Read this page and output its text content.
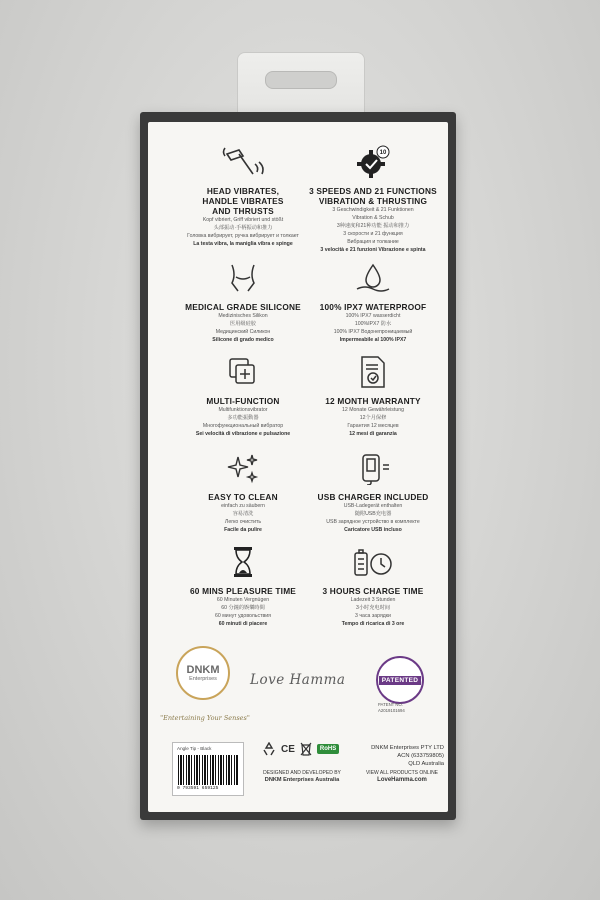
HEAD VIBRATES,
HANDLE VIBRATES
AND THRUSTS
Kopf vibriert, Griff vibriert und stößt
头部振动·手柄振动和推力
Головка вибрирует, ручка вибрирует и толкает
La testa vibra, la maniglia vibra e spinge
10
3 SPEEDS AND 21 FUNCTIONS
VIBRATION & THRUSTING
3 Geschwindigkeit & 21 Funktionen
Vibration & Schub
3种速度和21种功能 振动和推力
3 скорости и 21 функция
Вибрация и толкание
3 velocità e 21 funzioni Vibrazione e spinta
MEDICAL GRADE SILICONE
Medizinisches Silikon
医用级硅胶
Медицинский Силикон
Silicone di grado medico
100% IPX7 WATERPROOF
100% IPX7 wasserdicht
100%IPX7 防水
100% IPX7 Водонепроницаемый
Impermeabile al 100% IPX7
MULTI-FUNCTION
Multifunktionsvibrator
多功能振動器
Многофункциональный вибратор
Sei velocità di vibrazione e pulsazione
12 MONTH WARRANTY
12 Monate Gewährleistung
12个月保修
Гарантия 12 месяцев
12 mesi di garanzia
EASY TO CLEAN
einfach zu säubern
容易清洗
Легко очистить
Facile da pulire
USB CHARGER INCLUDED
USB-Ladegerät enthalten
随附USB充电器
USB зарядное устройство в комплекте
Caricatore USB incluso
60 MINS PLEASURE TIME
60 Minuten Vergnügen
60 分鐘的娛樂時間
60 минут удовольствия
60 minuti di piacere
3 HOURS CHARGE TIME
Ladezeit 3 Stunden
3小时充电时间
3 часа зарядки
Tempo di ricarica di 3 ore
DNKM
Enterprises
"Entertaining Your Senses"
Love Hamma	PATENTED
PATENT NO.
A2019101694
Angle Tip - Black
0 793591 659125
CE	RoHS	DNKM Enterprises PTY LTD
ACN (633759805)
QLD Australia
DESIGNED AND DEVELOPED BY
DNKM Enterprises Australia
VIEW ALL PRODUCTS ONLINE
LoveHamma.com
